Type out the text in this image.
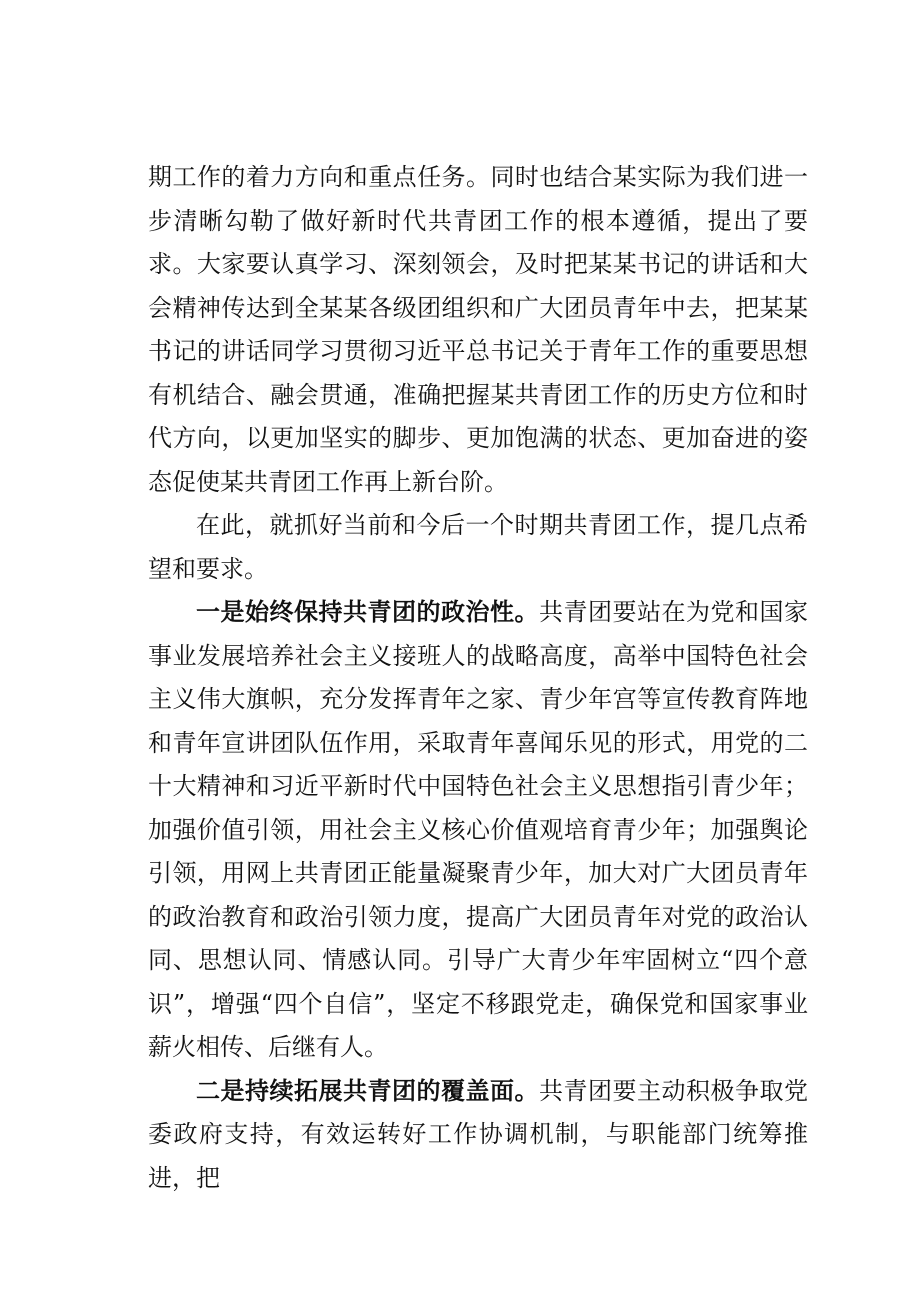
期工作的着力方向和重点任务。同时也结合某实际为我们进一步清晰勾勒了做好新时代共青团工作的根本遵循，提出了要求。大家要认真学习、深刻领会，及时把某某书记的讲话和大会精神传达到全某某各级团组织和广大团员青年中去，把某某书记的讲话同学习贯彻习近平总书记关于青年工作的重要思想有机结合、融会贯通，准确把握某共青团工作的历史方位和时代方向，以更加坚实的脚步、更加饱满的状态、更加奋进的姿态促使某共青团工作再上新台阶。

在此，就抓好当前和今后一个时期共青团工作，提几点希望和要求。

一是始终保持共青团的政治性。共青团要站在为党和国家事业发展培养社会主义接班人的战略高度，高举中国特色社会主义伟大旗帜，充分发挥青年之家、青少年宫等宣传教育阵地和青年宣讲团队伍作用，采取青年喜闻乐见的形式，用党的二十大精神和习近平新时代中国特色社会主义思想指引青少年；加强价值引领，用社会主义核心价值观培育青少年；加强舆论引领，用网上共青团正能量凝聚青少年，加大对广大团员青年的政治教育和政治引领力度，提高广大团员青年对党的政治认同、思想认同、情感认同。引导广大青少年牢固树立“四个意识”，增强“四个自信”，坚定不移跟党走，确保党和国家事业薪火相传、后继有人。

二是持续拓展共青团的覆盖面。共青团要主动积极争取党委政府支持，有效运转好工作协调机制，与职能部门统筹推进，把
